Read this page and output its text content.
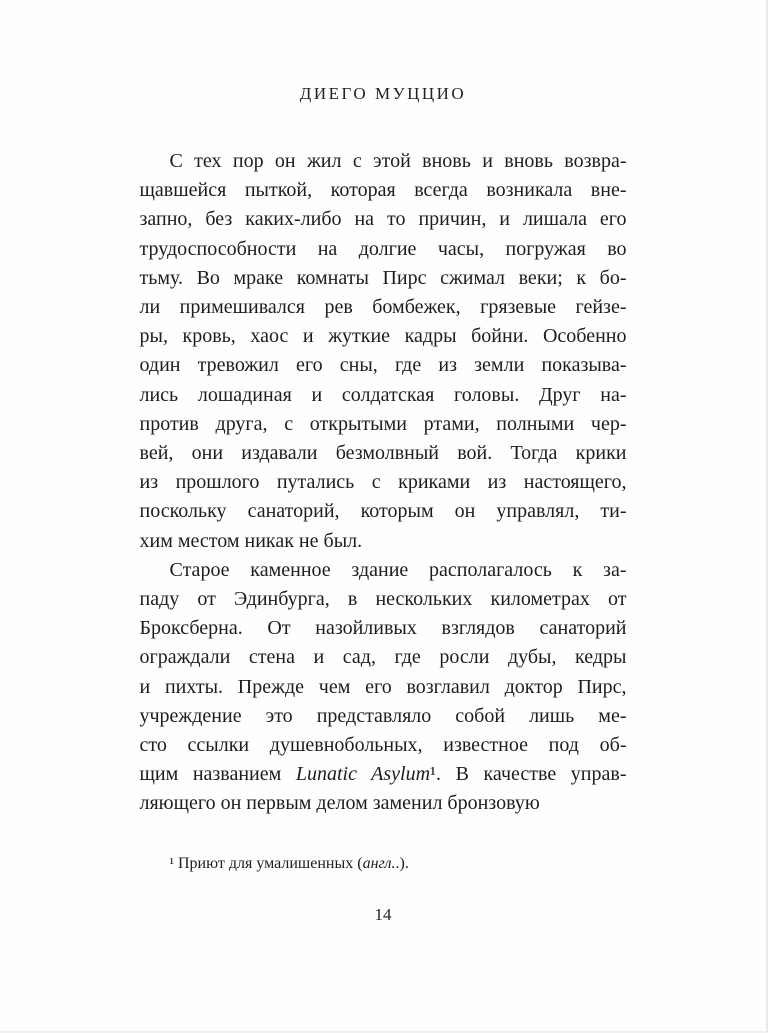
ДИЕГО МУЦЦИО
С тех пор он жил с этой вновь и вновь возвра-
щавшейся пыткой, которая всегда возникала вне-
запно, без каких-либо на то причин, и лишала его
трудоспособности на долгие часы, погружая во
тьму. Во мраке комнаты Пирс сжимал веки; к бо-
ли примешивался рев бомбежек, грязевые гейзе-
ры, кровь, хаос и жуткие кадры бойни. Особенно
один тревожил его сны, где из земли показыва-
лись лошадиная и солдатская головы. Друг на-
против друга, с открытыми ртами, полными чер-
вей, они издавали безмолвный вой. Тогда крики
из прошлого путались с криками из настоящего,
поскольку санаторий, которым он управлял, ти-
хим местом никак не был.
Старое каменное здание располагалось к за-
паду от Эдинбурга, в нескольких километрах от
Броксберна. От назойливых взглядов санаторий
ограждали стена и сад, где росли дубы, кедры
и пихты. Прежде чем его возглавил доктор Пирс,
учреждение это представляло собой лишь ме-
сто ссылки душевнобольных, известное под об-
щим названием Lunatic Asylum¹. В качестве управ-
ляющего он первым делом заменил бронзовую
¹ Приют для умалишенных (англ..).
14
